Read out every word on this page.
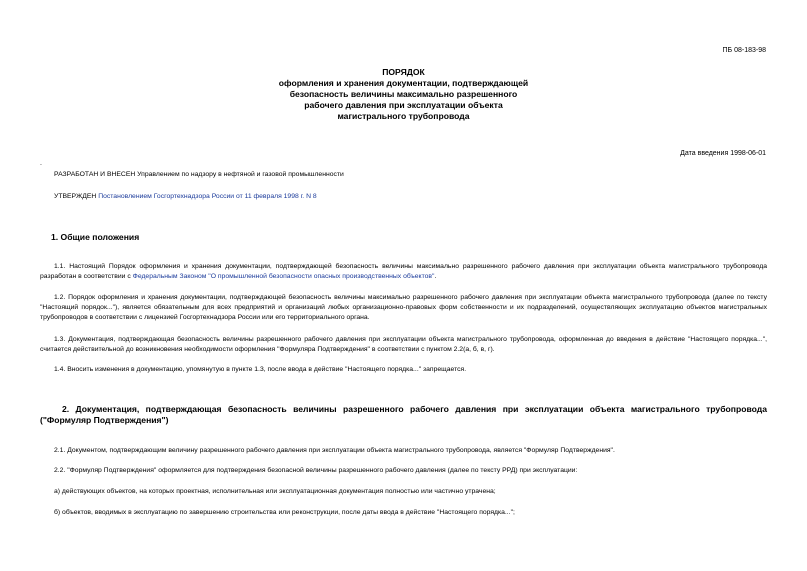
ПБ 08-183-98
ПОРЯДОК
оформления и хранения документации, подтверждающей
безопасность величины максимально разрешенного
рабочего давления при эксплуатации объекта
магистрального трубопровода
Дата введения 1998-06-01
.
РАЗРАБОТАН И ВНЕСЕН Управлением по надзору в нефтяной и газовой промышленности
УТВЕРЖДЕН Постановлением Госгортехнадзора России от 11 февраля 1998 г. N 8
1. Общие положения
1.1. Настоящий Порядок оформления и хранения документации, подтверждающей безопасность величины максимально разрешенного рабочего давления при эксплуатации объекта магистрального трубопровода разработан в соответствии с Федеральным Законом "О промышленной безопасности опасных производственных объектов".
1.2. Порядок оформления и хранения документации, подтверждающей безопасность величины максимально разрешенного рабочего давления при эксплуатации объекта магистрального трубопровода (далее по тексту "Настоящий порядок..."), является обязательным для всех предприятий и организаций любых организационно-правовых форм собственности и их подразделений, осуществляющих эксплуатацию объектов магистральных трубопроводов в соответствии с лицензией Госгортехнадзора России или его территориального органа.
1.3. Документация, подтверждающая безопасность величины разрешенного рабочего давления при эксплуатации объекта магистрального трубопровода, оформленная до введения в действие "Настоящего порядка...", считается действительной до возникновения необходимости оформления "Формуляра Подтверждения" в соответствии с пунктом 2.2(а, б, в, г).
1.4. Вносить изменения в документацию, упомянутую в пункте 1.3, после ввода в действие "Настоящего порядка..." запрещается.
2. Документация, подтверждающая безопасность величины разрешенного рабочего давления при эксплуатации объекта магистрального трубопровода ("Формуляр Подтверждения")
2.1. Документом, подтверждающим величину разрешенного рабочего давления при эксплуатации объекта магистрального трубопровода, является "Формуляр Подтверждения".
2.2. "Формуляр Подтверждения" оформляется для подтверждения безопасной величины разрешенного рабочего давления (далее по тексту РРД) при эксплуатации:
а) действующих объектов, на которых проектная, исполнительная или эксплуатационная документация полностью или частично утрачена;
б) объектов, вводимых в эксплуатацию по завершению строительства или реконструкции, после даты ввода в действие "Настоящего порядка...";
